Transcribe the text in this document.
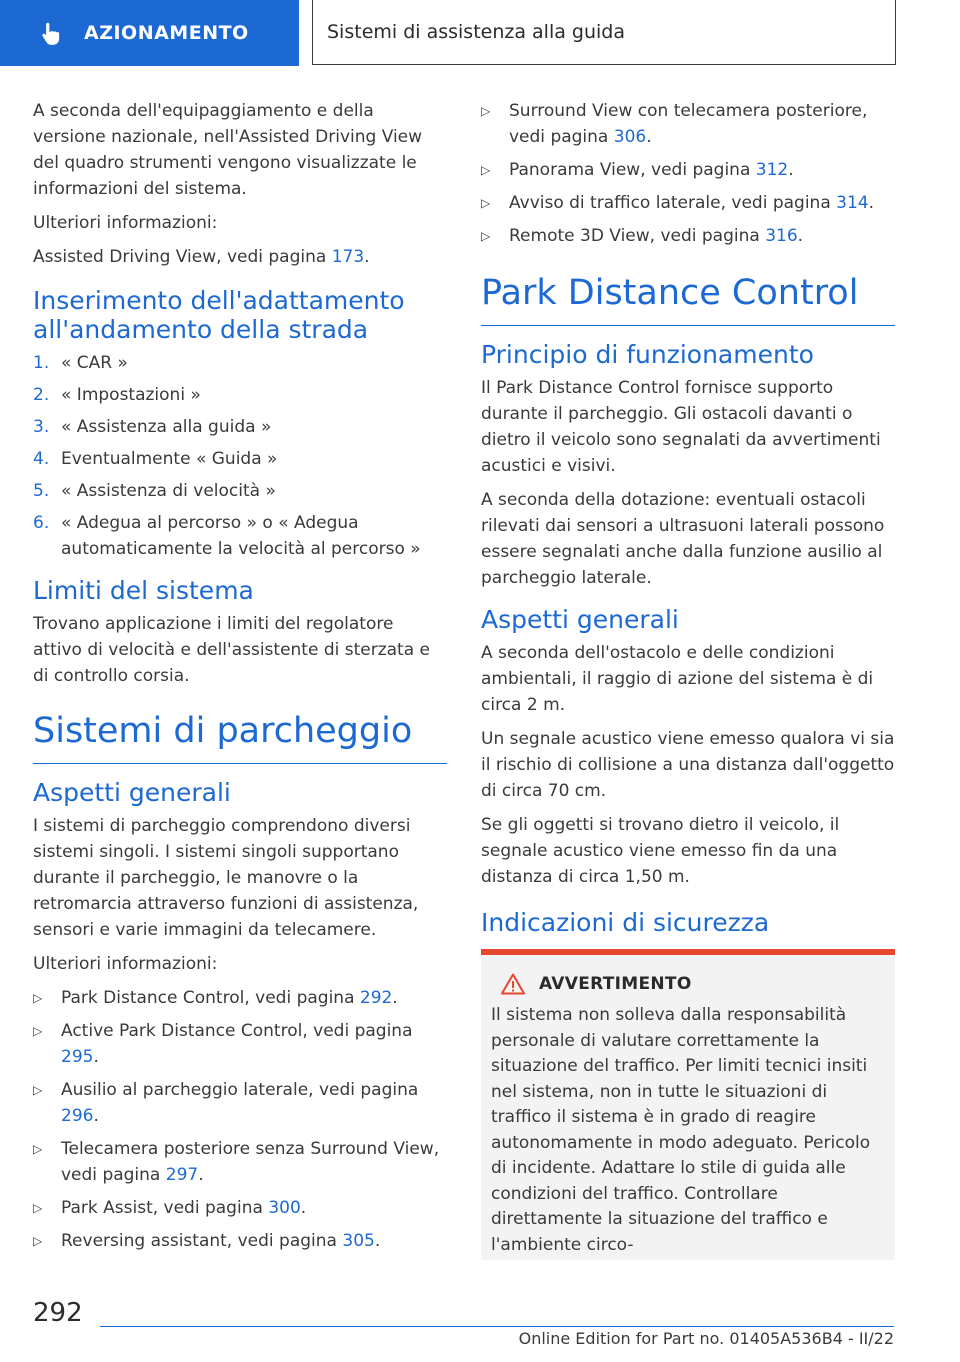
AZIONAMENTO	Sistemi di assistenza alla guida

A seconda dell'equipaggiamento e della versione nazionale, nell'Assisted Driving View del quadro strumenti vengono visualizzate le informazioni del sistema.

Ulteriori informazioni:

Assisted Driving View, vedi pagina 173.

Inserimento dell'adattamento all'andamento della strada
1. « CAR »
2. « Impostazioni »
3. « Assistenza alla guida »
4. Eventualmente « Guida »
5. « Assistenza di velocità »
6. « Adegua al percorso » o « Adegua automaticamente la velocità al percorso »
Limiti del sistema

Trovano applicazione i limiti del regolatore attivo di velocità e dell'assistente di sterzata e di controllo corsia.

Sistemi di parcheggio
Aspetti generali

I sistemi di parcheggio comprendono diversi sistemi singoli. I sistemi singoli supportano durante il parcheggio, le manovre o la retromarcia attraverso funzioni di assistenza, sensori e varie immagini da telecamere.

Ulteriori informazioni:

▷	Park Distance Control, vedi pagina 292.
▷	Active Park Distance Control, vedi pagina 295.
▷	Ausilio al parcheggio laterale, vedi pagina 296.
▷	Telecamera posteriore senza Surround View, vedi pagina 297.
▷	Park Assist, vedi pagina 300.
▷	Reversing assistant, vedi pagina 305.
▷	Surround View con telecamera posteriore, vedi pagina 306.
▷	Panorama View, vedi pagina 312.
▷	Avviso di traffico laterale, vedi pagina 314.
▷	Remote 3D View, vedi pagina 316.
Park Distance Control
Principio di funzionamento

Il Park Distance Control fornisce supporto durante il parcheggio. Gli ostacoli davanti o dietro il veicolo sono segnalati da avvertimenti acustici e visivi.

A seconda della dotazione: eventuali ostacoli rilevati dai sensori a ultrasuoni laterali possono essere segnalati anche dalla funzione ausilio al parcheggio laterale.

Aspetti generali

A seconda dell'ostacolo e delle condizioni ambientali, il raggio di azione del sistema è di circa 2 m.

Un segnale acustico viene emesso qualora vi sia il rischio di collisione a una distanza dall'oggetto di circa 70 cm.

Se gli oggetti si trovano dietro il veicolo, il segnale acustico viene emesso fin da una distanza di circa 1,50 m.

Indicazioni di sicurezza
AVVERTIMENTO

Il sistema non solleva dalla responsabilità personale di valutare correttamente la situazione del traffico. Per limiti tecnici insiti nel sistema, non in tutte le situazioni di traffico il sistema è in grado di reagire autonomamente in modo adeguato. Pericolo di incidente. Adattare lo stile di guida alle condizioni del traffico. Controllare direttamente la situazione del traffico e l'ambiente circo-

292
Online Edition for Part no. 01405A536B4 - II/22
